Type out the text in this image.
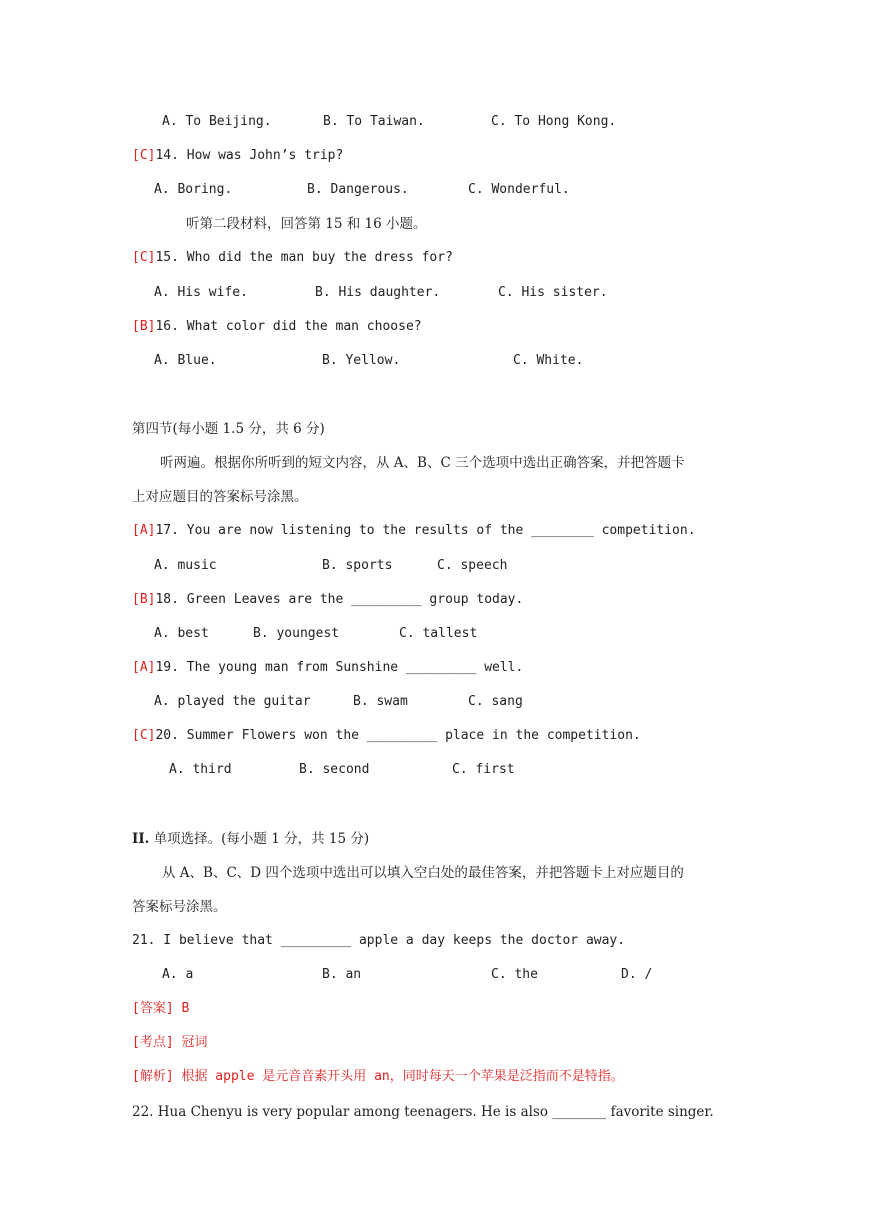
A. To Beijing.

	B. To Taiwan.

	C. To Hong Kong.

[C]14. How was John’s trip?

A. Boring.

	B. Dangerous.

	C. Wonderful.

听第二段材料，回答第 15 和 16 小题。
[C]15. Who did the man buy the dress for?

A. His wife.

	B. His daughter.

	C. His sister.

[B]16. What color did the man choose?

A. Blue.

	B. Yellow.

	C. White.

第四节(每小题 1.5 分，共 6 分)
听两遍。根据你所听到的短文内容，从 A、B、C 三个选项中选出正确答案，并把答题卡
上对应题目的答案标号涂黑。
[A]17. You are now listening to the results of the ________ competition.

A. music

	B. sports

	C. speech

[B]18. Green Leaves are the _________ group today.

A. best

	B. youngest

	C. tallest

[A]19. The young man from Sunshine _________ well.

A. played the guitar

	B. swam

	C. sang

[C]20. Summer Flowers won the _________ place in the competition.

A. third

	B. second

	C. first

II. 单项选择。(每小题 1 分，共 15 分)
从 A、B、C、D 四个选项中选出可以填入空白处的最佳答案，并把答题卡上对应题目的
答案标号涂黑。
21. I believe that _________ apple a day keeps the doctor away.

A. a

	B. an

	C. the

	D. /

[答案] B
[考点] 冠词
[解析] 根据 apple 是元音音素开头用 an，同时每天一个苹果是泛指而不是特指。
22. Hua Chenyu is very popular among teenagers. He is also ________ favorite singer.
